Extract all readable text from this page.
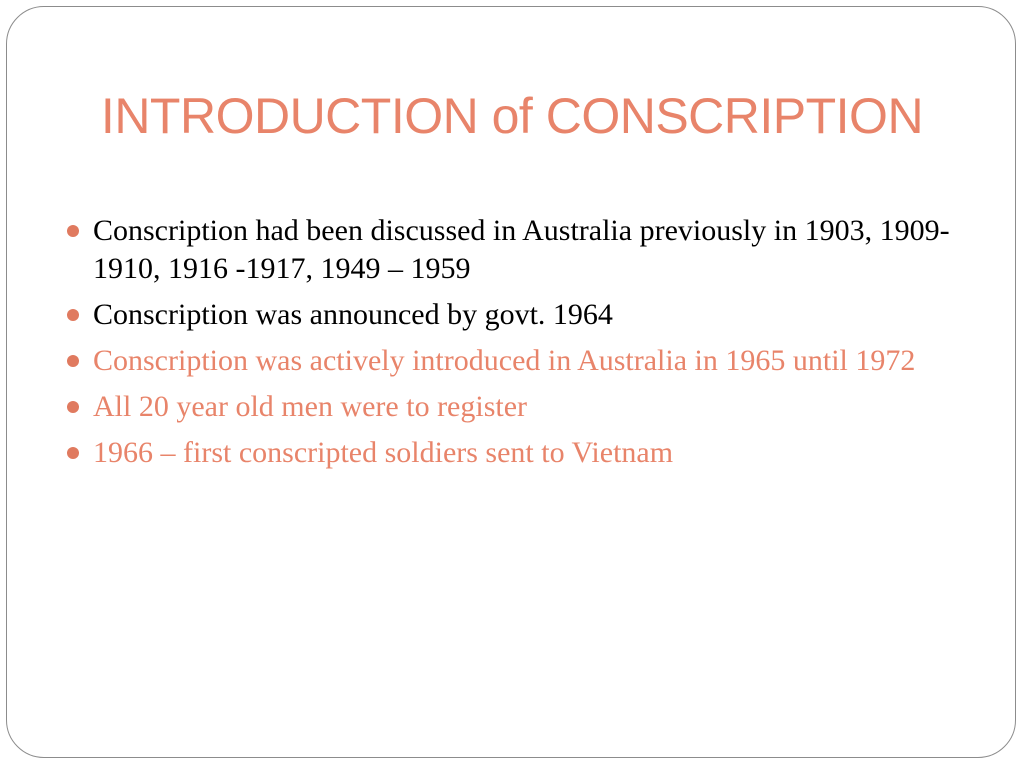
INTRODUCTION of CONSCRIPTION
Conscription had been discussed in Australia previously in 1903, 1909- 1910, 1916 -1917, 1949 – 1959
Conscription was announced by govt. 1964
Conscription was actively introduced in Australia in 1965 until 1972
All 20 year old men were to register
1966 – first conscripted soldiers sent to Vietnam
